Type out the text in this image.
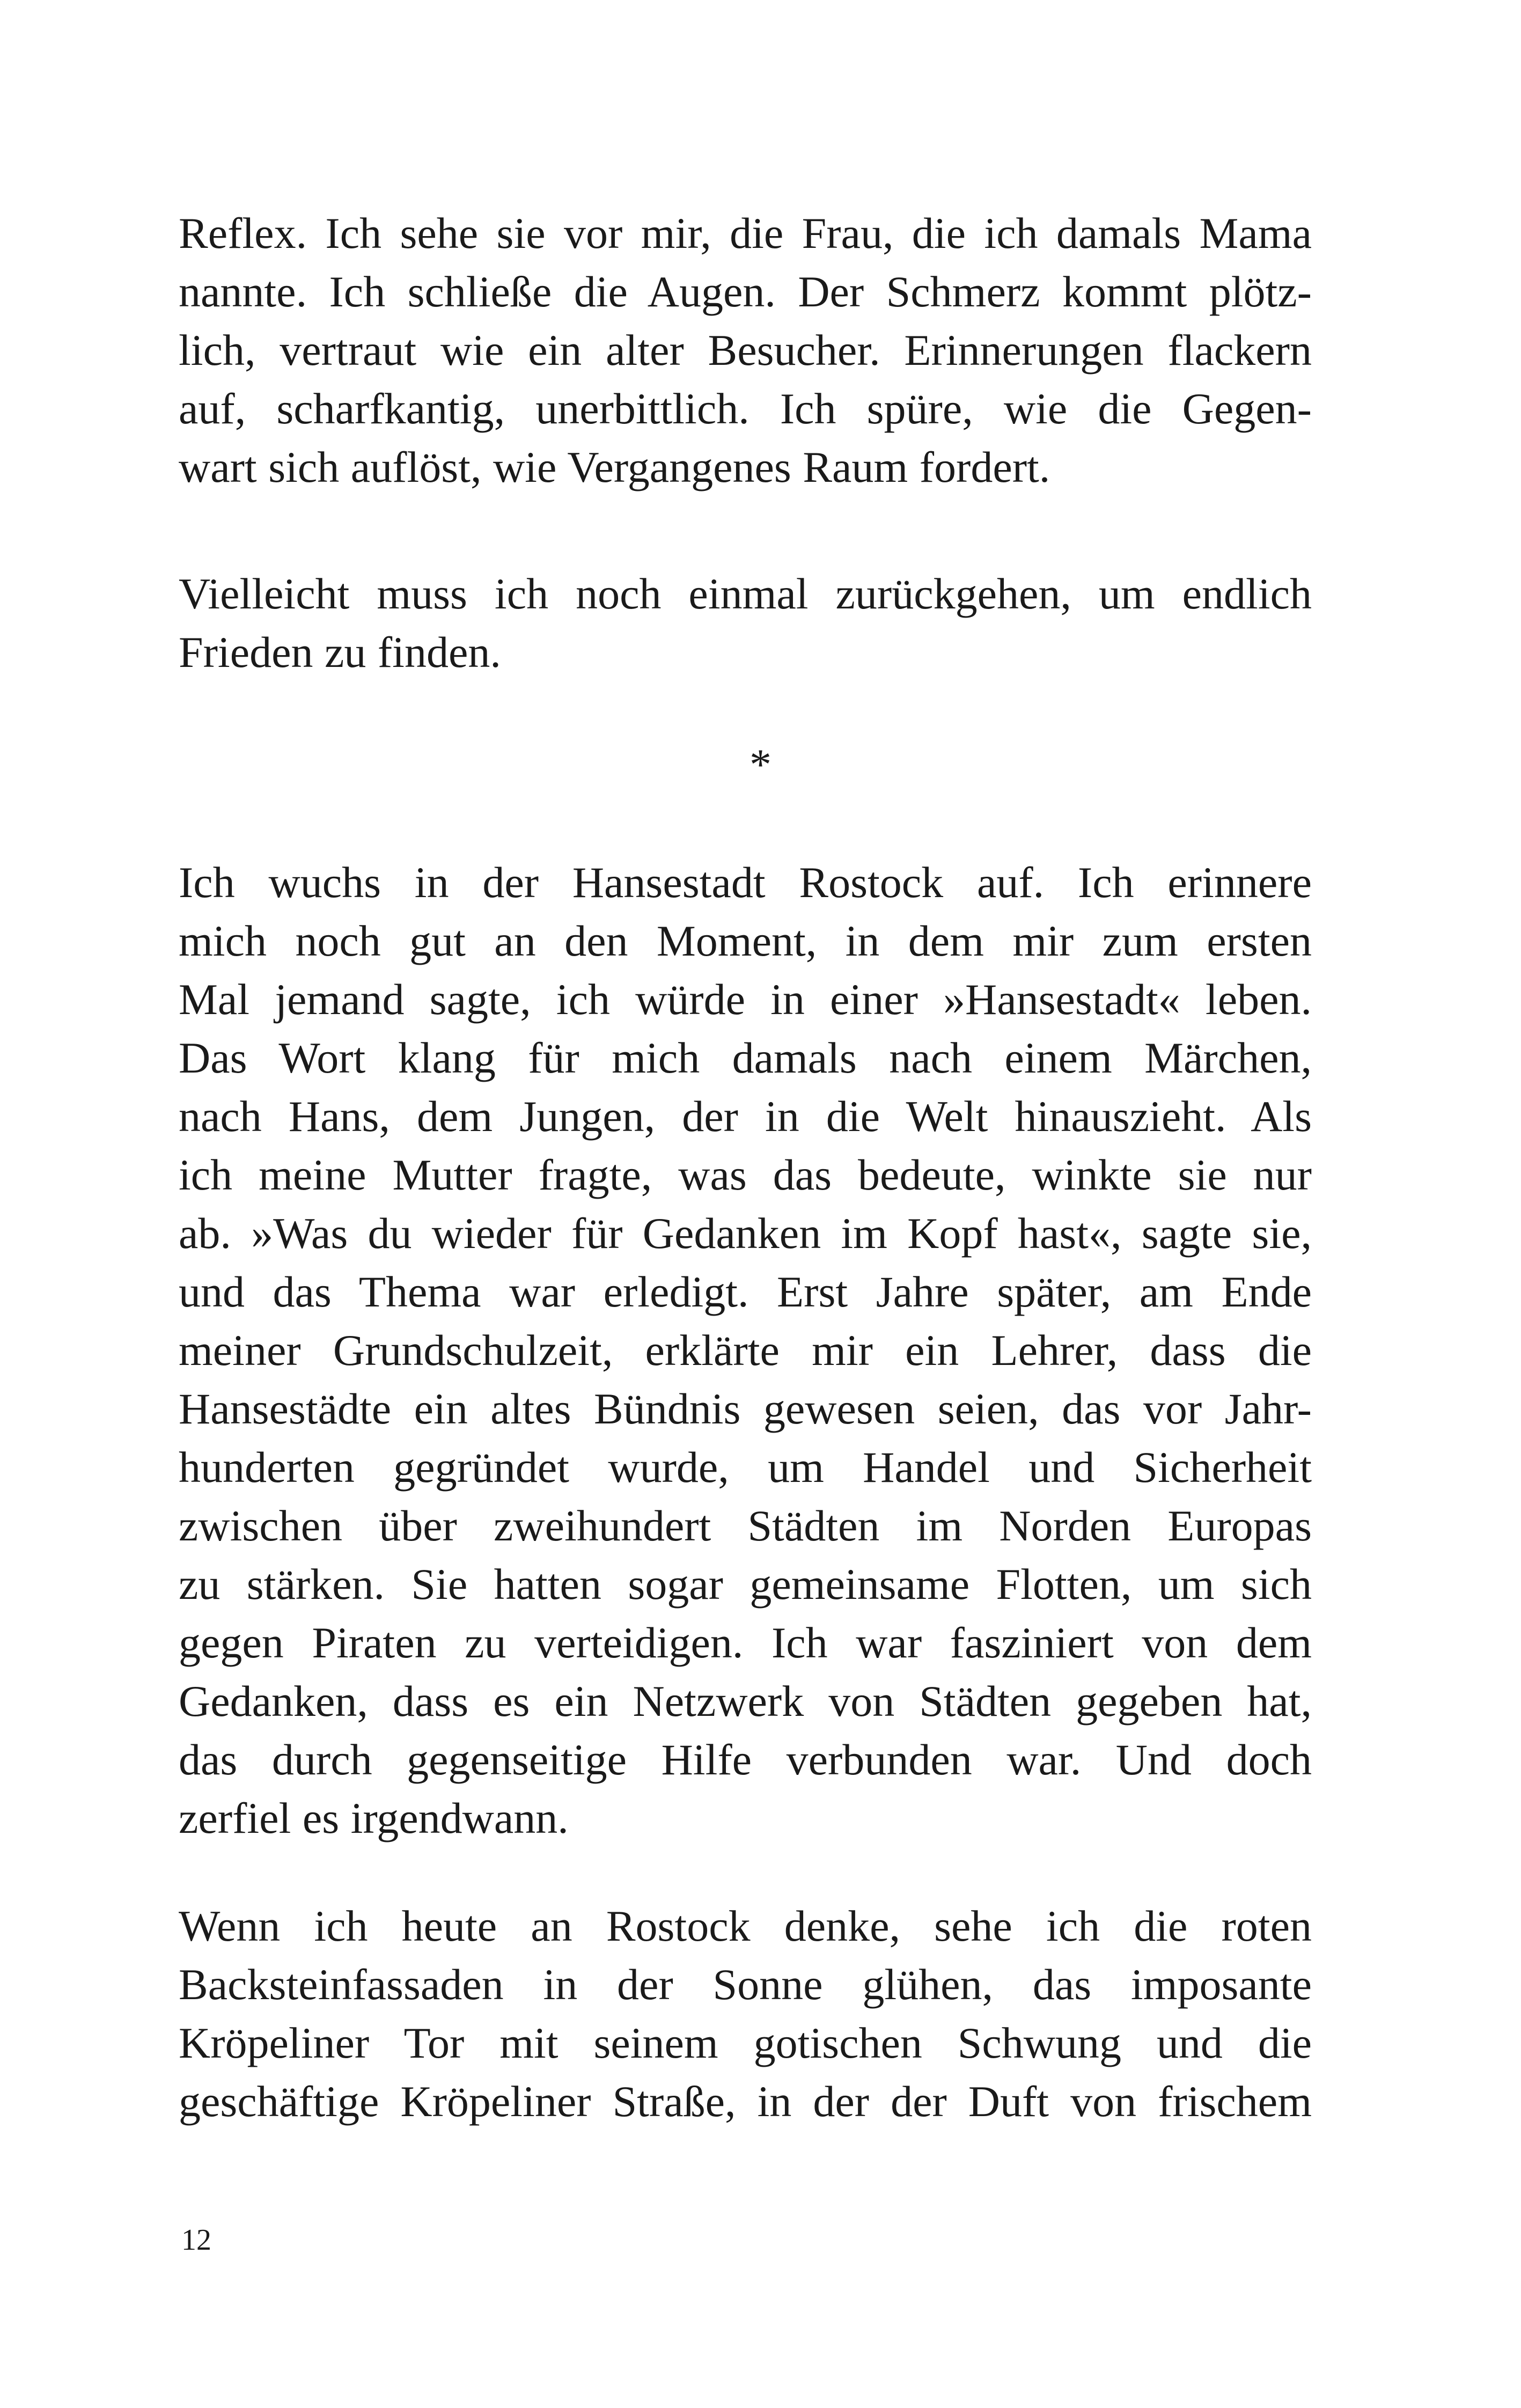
Reflex. Ich sehe sie vor mir, die Frau, die ich damals Mama
nannte. Ich schließe die Augen. Der Schmerz kommt plötz-
lich, vertraut wie ein alter Besucher. Erinnerungen flackern
auf, scharfkantig, unerbittlich. Ich spüre, wie die Gegen-
wart sich auflöst, wie Vergangenes Raum fordert.
Vielleicht muss ich noch einmal zurückgehen, um endlich
Frieden zu finden.
*
Ich wuchs in der Hansestadt Rostock auf. Ich erinnere
mich noch gut an den Moment, in dem mir zum ersten
Mal jemand sagte, ich würde in einer »Hansestadt« leben.
Das Wort klang für mich damals nach einem Märchen,
nach Hans, dem Jungen, der in die Welt hinauszieht. Als
ich meine Mutter fragte, was das bedeute, winkte sie nur
ab. »Was du wieder für Gedanken im Kopf hast«, sagte sie,
und das Thema war erledigt. Erst Jahre später, am Ende
meiner Grundschulzeit, erklärte mir ein Lehrer, dass die
Hansestädte ein altes Bündnis gewesen seien, das vor Jahr-
hunderten gegründet wurde, um Handel und Sicherheit
zwischen über zweihundert Städten im Norden Europas
zu stärken. Sie hatten sogar gemeinsame Flotten, um sich
gegen Piraten zu verteidigen. Ich war fasziniert von dem
Gedanken, dass es ein Netzwerk von Städten gegeben hat,
das durch gegenseitige Hilfe verbunden war. Und doch
zerfiel es irgendwann.
Wenn ich heute an Rostock denke, sehe ich die roten
Backsteinfassaden in der Sonne glühen, das imposante
Kröpeliner Tor mit seinem gotischen Schwung und die
geschäftige Kröpeliner Straße, in der der Duft von frischem
12
